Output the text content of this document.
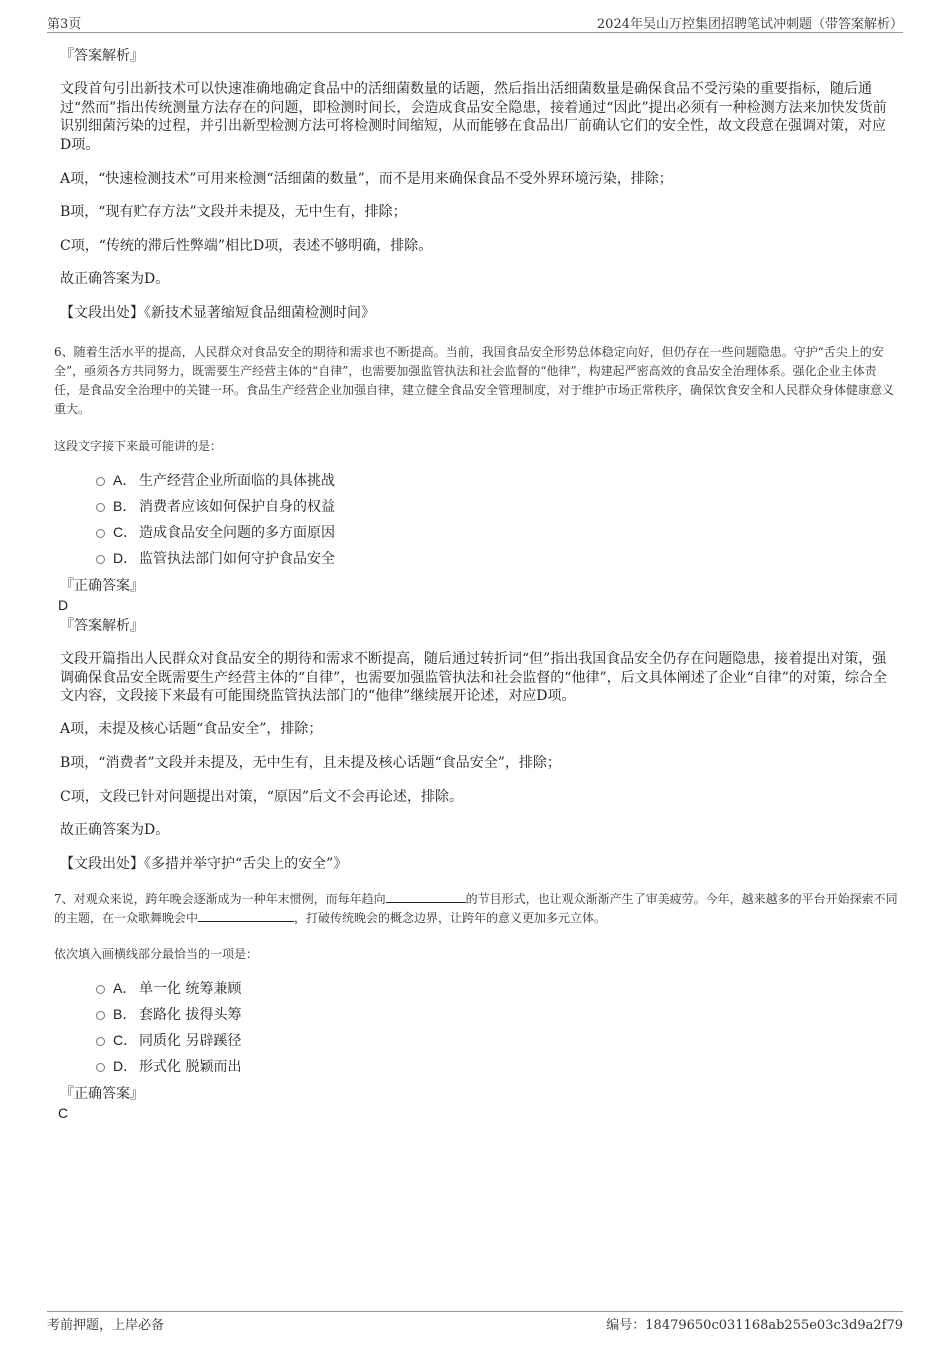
第3页	2024年吴山万控集团招聘笔试冲刺题（带答案解析）
『答案解析』
文段首句引出新技术可以快速准确地确定食品中的活细菌数量的话题，然后指出活细菌数量是确保食品不受污染的重要指标，随后通过“然而”指出传统测量方法存在的问题，即检测时间长，会造成食品安全隐患，接着通过“因此”提出必须有一种检测方法来加快发货前识别细菌污染的过程，并引出新型检测方法可将检测时间缩短，从而能够在食品出厂前确认它们的安全性，故文段意在强调对策，对应D项。
A项，“快速检测技术”可用来检测“活细菌的数量”，而不是用来确保食品不受外界环境污染，排除；
B项，“现有贮存方法”文段并未提及，无中生有，排除；
C项，“传统的滞后性弊端”相比D项，表述不够明确，排除。
故正确答案为D。
【文段出处】《新技术显著缩短食品细菌检测时间》
6、随着生活水平的提高，人民群众对食品安全的期待和需求也不断提高。当前，我国食品安全形势总体稳定向好，但仍存在一些问题隐患。守护“舌尖上的安全”，亟须各方共同努力，既需要生产经营主体的“自律”，也需要加强监管执法和社会监督的“他律”，构建起严密高效的食品安全治理体系。强化企业主体责任，是食品安全治理中的关键一环。食品生产经营企业加强自律，建立健全食品安全管理制度，对于维护市场正常秩序，确保饮食安全和人民群众身体健康意义重大。
这段文字接下来最可能讲的是：
A． 生产经营企业所面临的具体挑战
B． 消费者应该如何保护自身的权益
C． 造成食品安全问题的多方面原因
D． 监管执法部门如何守护食品安全
『正确答案』
D
『答案解析』
文段开篇指出人民群众对食品安全的期待和需求不断提高，随后通过转折词“但”指出我国食品安全仍存在问题隐患，接着提出对策，强调确保食品安全既需要生产经营主体的“自律”，也需要加强监管执法和社会监督的“他律”，后文具体阐述了企业“自律”的对策，综合全文内容，文段接下来最有可能围绕监管执法部门的“他律”继续展开论述，对应D项。
A项，未提及核心话题“食品安全”，排除；
B项，“消费者”文段并未提及，无中生有，且未提及核心话题“食品安全”，排除；
C项，文段已针对问题提出对策，“原因”后文不会再论述，排除。
故正确答案为D。
【文段出处】《多措并举守护“舌尖上的安全”》
7、对观众来说，跨年晚会逐渐成为一种年末惯例，而每年趋向	的节目形式，也让观众渐渐产生了审美疲劳。今年，越来越多的平台开始探索不同的主题，在一众歌舞晚会中	，打破传统晚会的概念边界，让跨年的意义更加多元立体。
依次填入画横线部分最恰当的一项是：
A． 单一化 统筹兼顾
B． 套路化 拔得头筹
C． 同质化 另辟蹊径
D． 形式化 脱颖而出
『正确答案』
C
考前押题，上岸必备	编号：18479650c031168ab255e03c3d9a2f79
